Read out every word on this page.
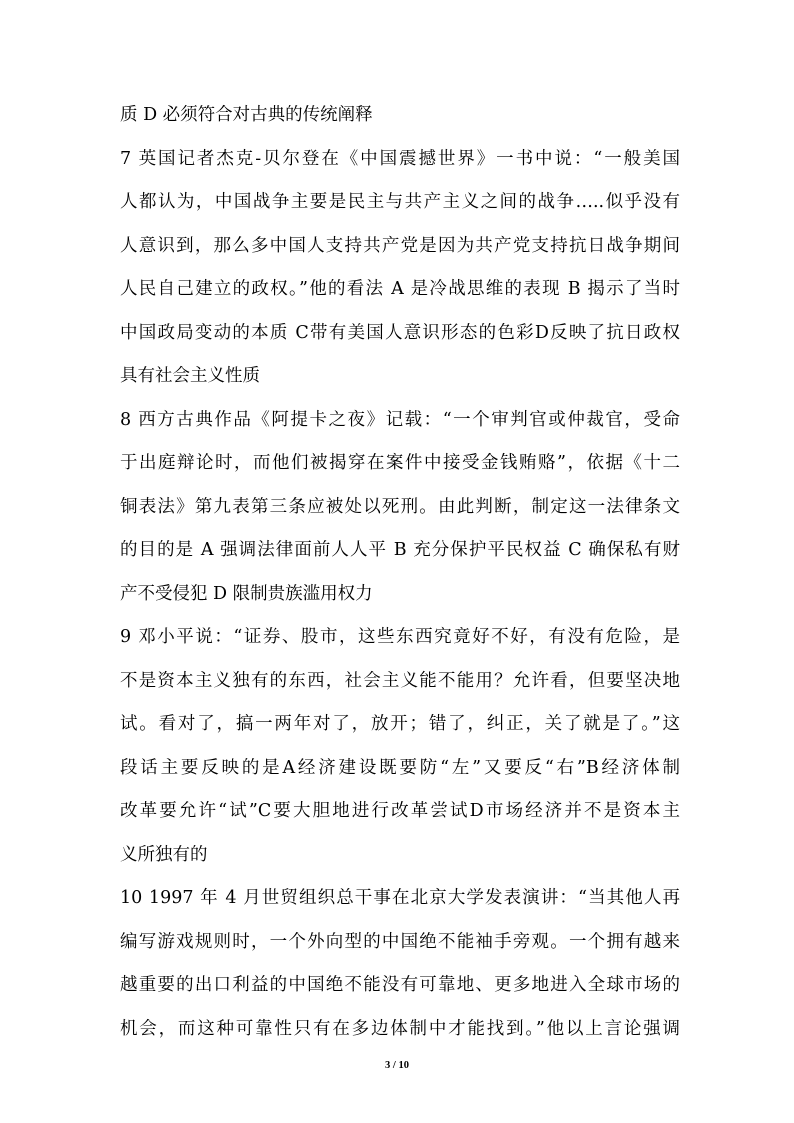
质 D 必须符合对古典的传统阐释
7 英国记者杰克-贝尔登在《中国震撼世界》一书中说：“一般美国
人都认为，中国战争主要是民主与共产主义之间的战争…..似乎没有
人意识到，那么多中国人支持共产党是因为共产党支持抗日战争期间
人民自己建立的政权。”他的看法 A 是冷战思维的表现 B 揭示了当时
中国政局变动的本质 C带有美国人意识形态的色彩D反映了抗日政权
具有社会主义性质
8 西方古典作品《阿提卡之夜》记载：“一个审判官或仲裁官，受命
于出庭辩论时，而他们被揭穿在案件中接受金钱贿赂”，依据《十二
铜表法》第九表第三条应被处以死刑。由此判断，制定这一法律条文
的目的是 A 强调法律面前人人平 B 充分保护平民权益 C 确保私有财
产不受侵犯 D 限制贵族滥用权力
9 邓小平说：“证券、股市，这些东西究竟好不好，有没有危险，是
不是资本主义独有的东西，社会主义能不能用？允许看，但要坚决地
试。看对了，搞一两年对了，放开；错了，纠正，关了就是了。”这
段话主要反映的是A经济建设既要防“左”又要反“右”B经济体制
改革要允许“试”C要大胆地进行改革尝试D市场经济并不是资本主
义所独有的
10 1997 年 4 月世贸组织总干事在北京大学发表演讲：“当其他人再
编写游戏规则时，一个外向型的中国绝不能袖手旁观。一个拥有越来
越重要的出口利益的中国绝不能没有可靠地、更多地进入全球市场的
机会，而这种可靠性只有在多边体制中才能找到。”他以上言论强调
3 / 10
